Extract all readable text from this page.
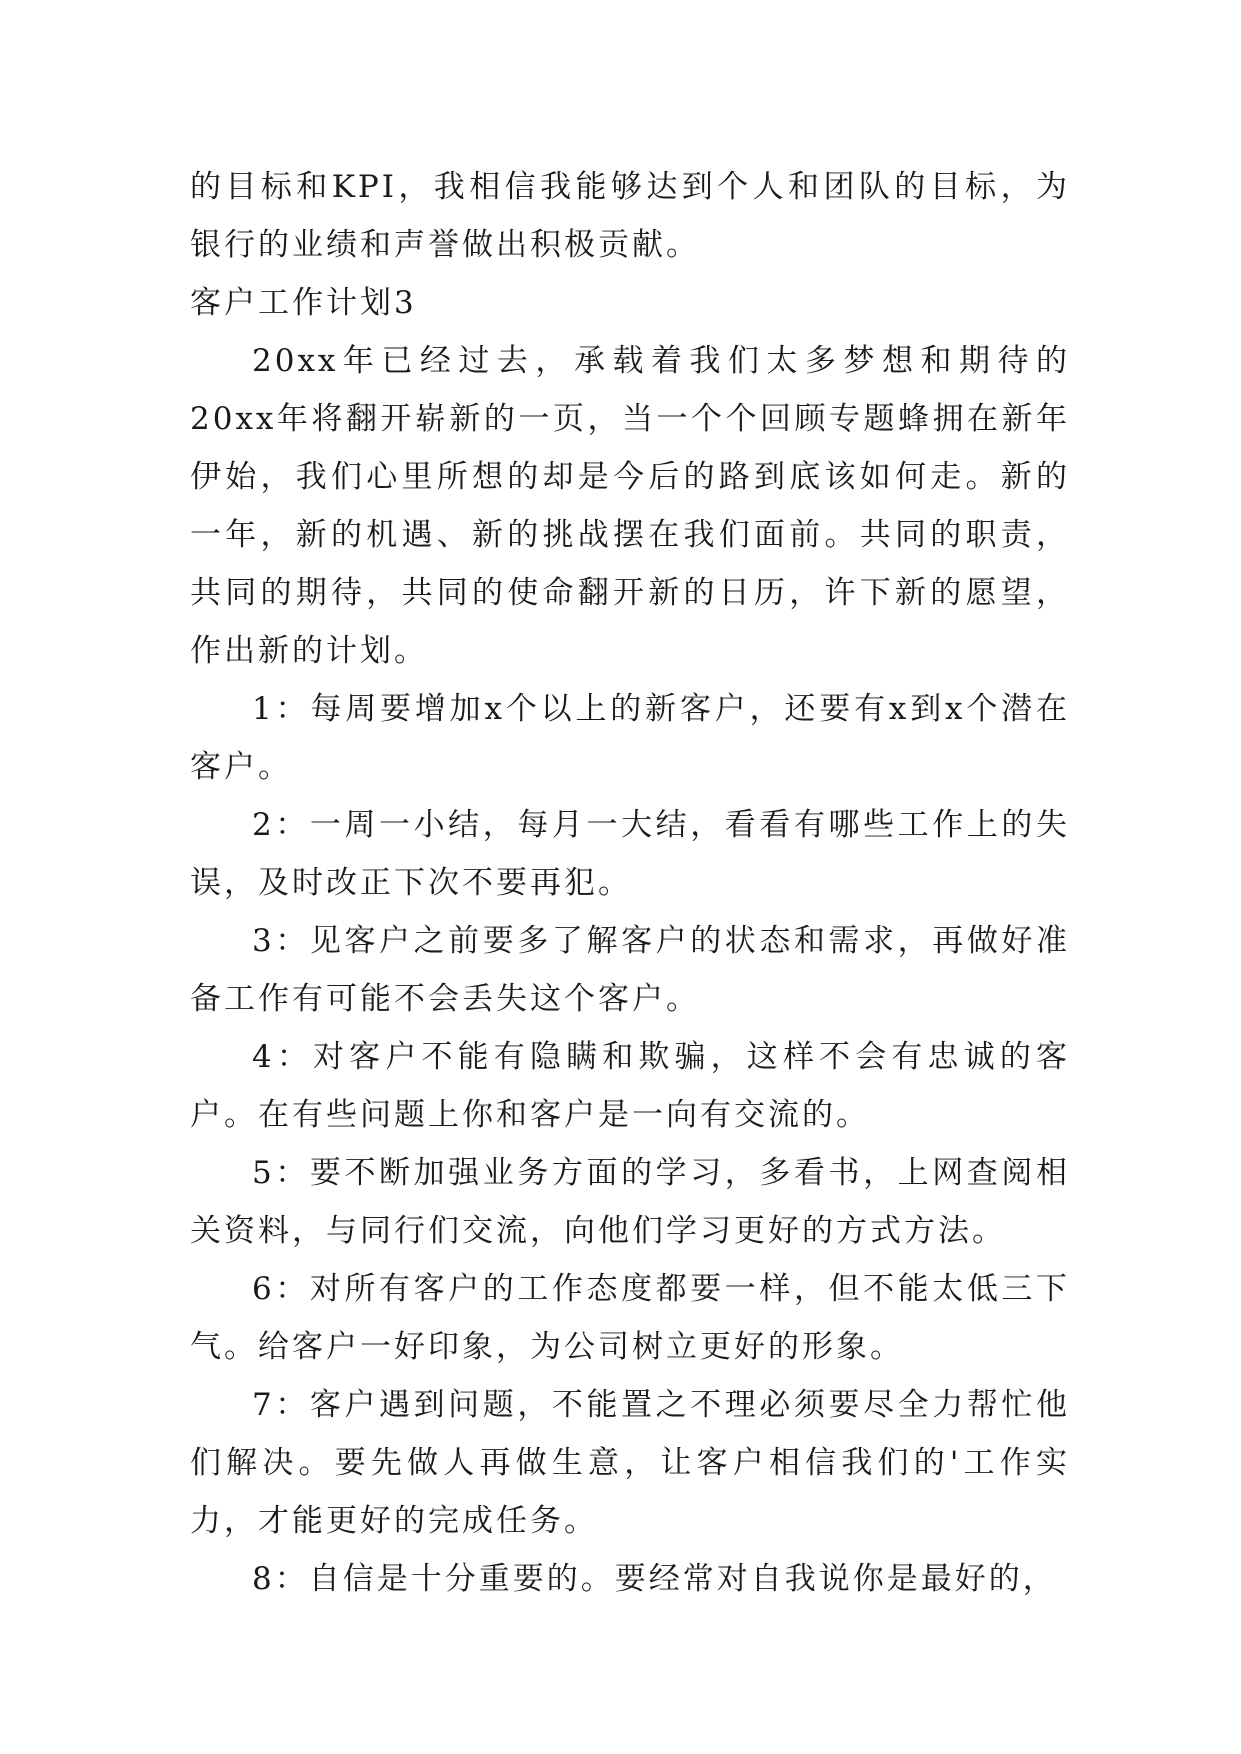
的目标和KPI，我相信我能够达到个人和团队的目标，为银行的业绩和声誉做出积极贡献。

客户工作计划3

20xx年已经过去，承载着我们太多梦想和期待的20xx年将翻开崭新的一页，当一个个回顾专题蜂拥在新年伊始，我们心里所想的却是今后的路到底该如何走。新的一年，新的机遇、新的挑战摆在我们面前。共同的职责，共同的期待，共同的使命翻开新的日历，许下新的愿望，作出新的计划。

1：每周要增加x个以上的新客户，还要有x到x个潜在客户。

2：一周一小结，每月一大结，看看有哪些工作上的失误，及时改正下次不要再犯。

3：见客户之前要多了解客户的状态和需求，再做好准备工作有可能不会丢失这个客户。

4：对客户不能有隐瞒和欺骗，这样不会有忠诚的客户。在有些问题上你和客户是一向有交流的。

5：要不断加强业务方面的学习，多看书，上网查阅相关资料，与同行们交流，向他们学习更好的方式方法。

6：对所有客户的工作态度都要一样，但不能太低三下气。给客户一好印象，为公司树立更好的形象。

7：客户遇到问题，不能置之不理必须要尽全力帮忙他们解决。要先做人再做生意，让客户相信我们的'工作实力，才能更好的完成任务。

8：自信是十分重要的。要经常对自我说你是最好的，
